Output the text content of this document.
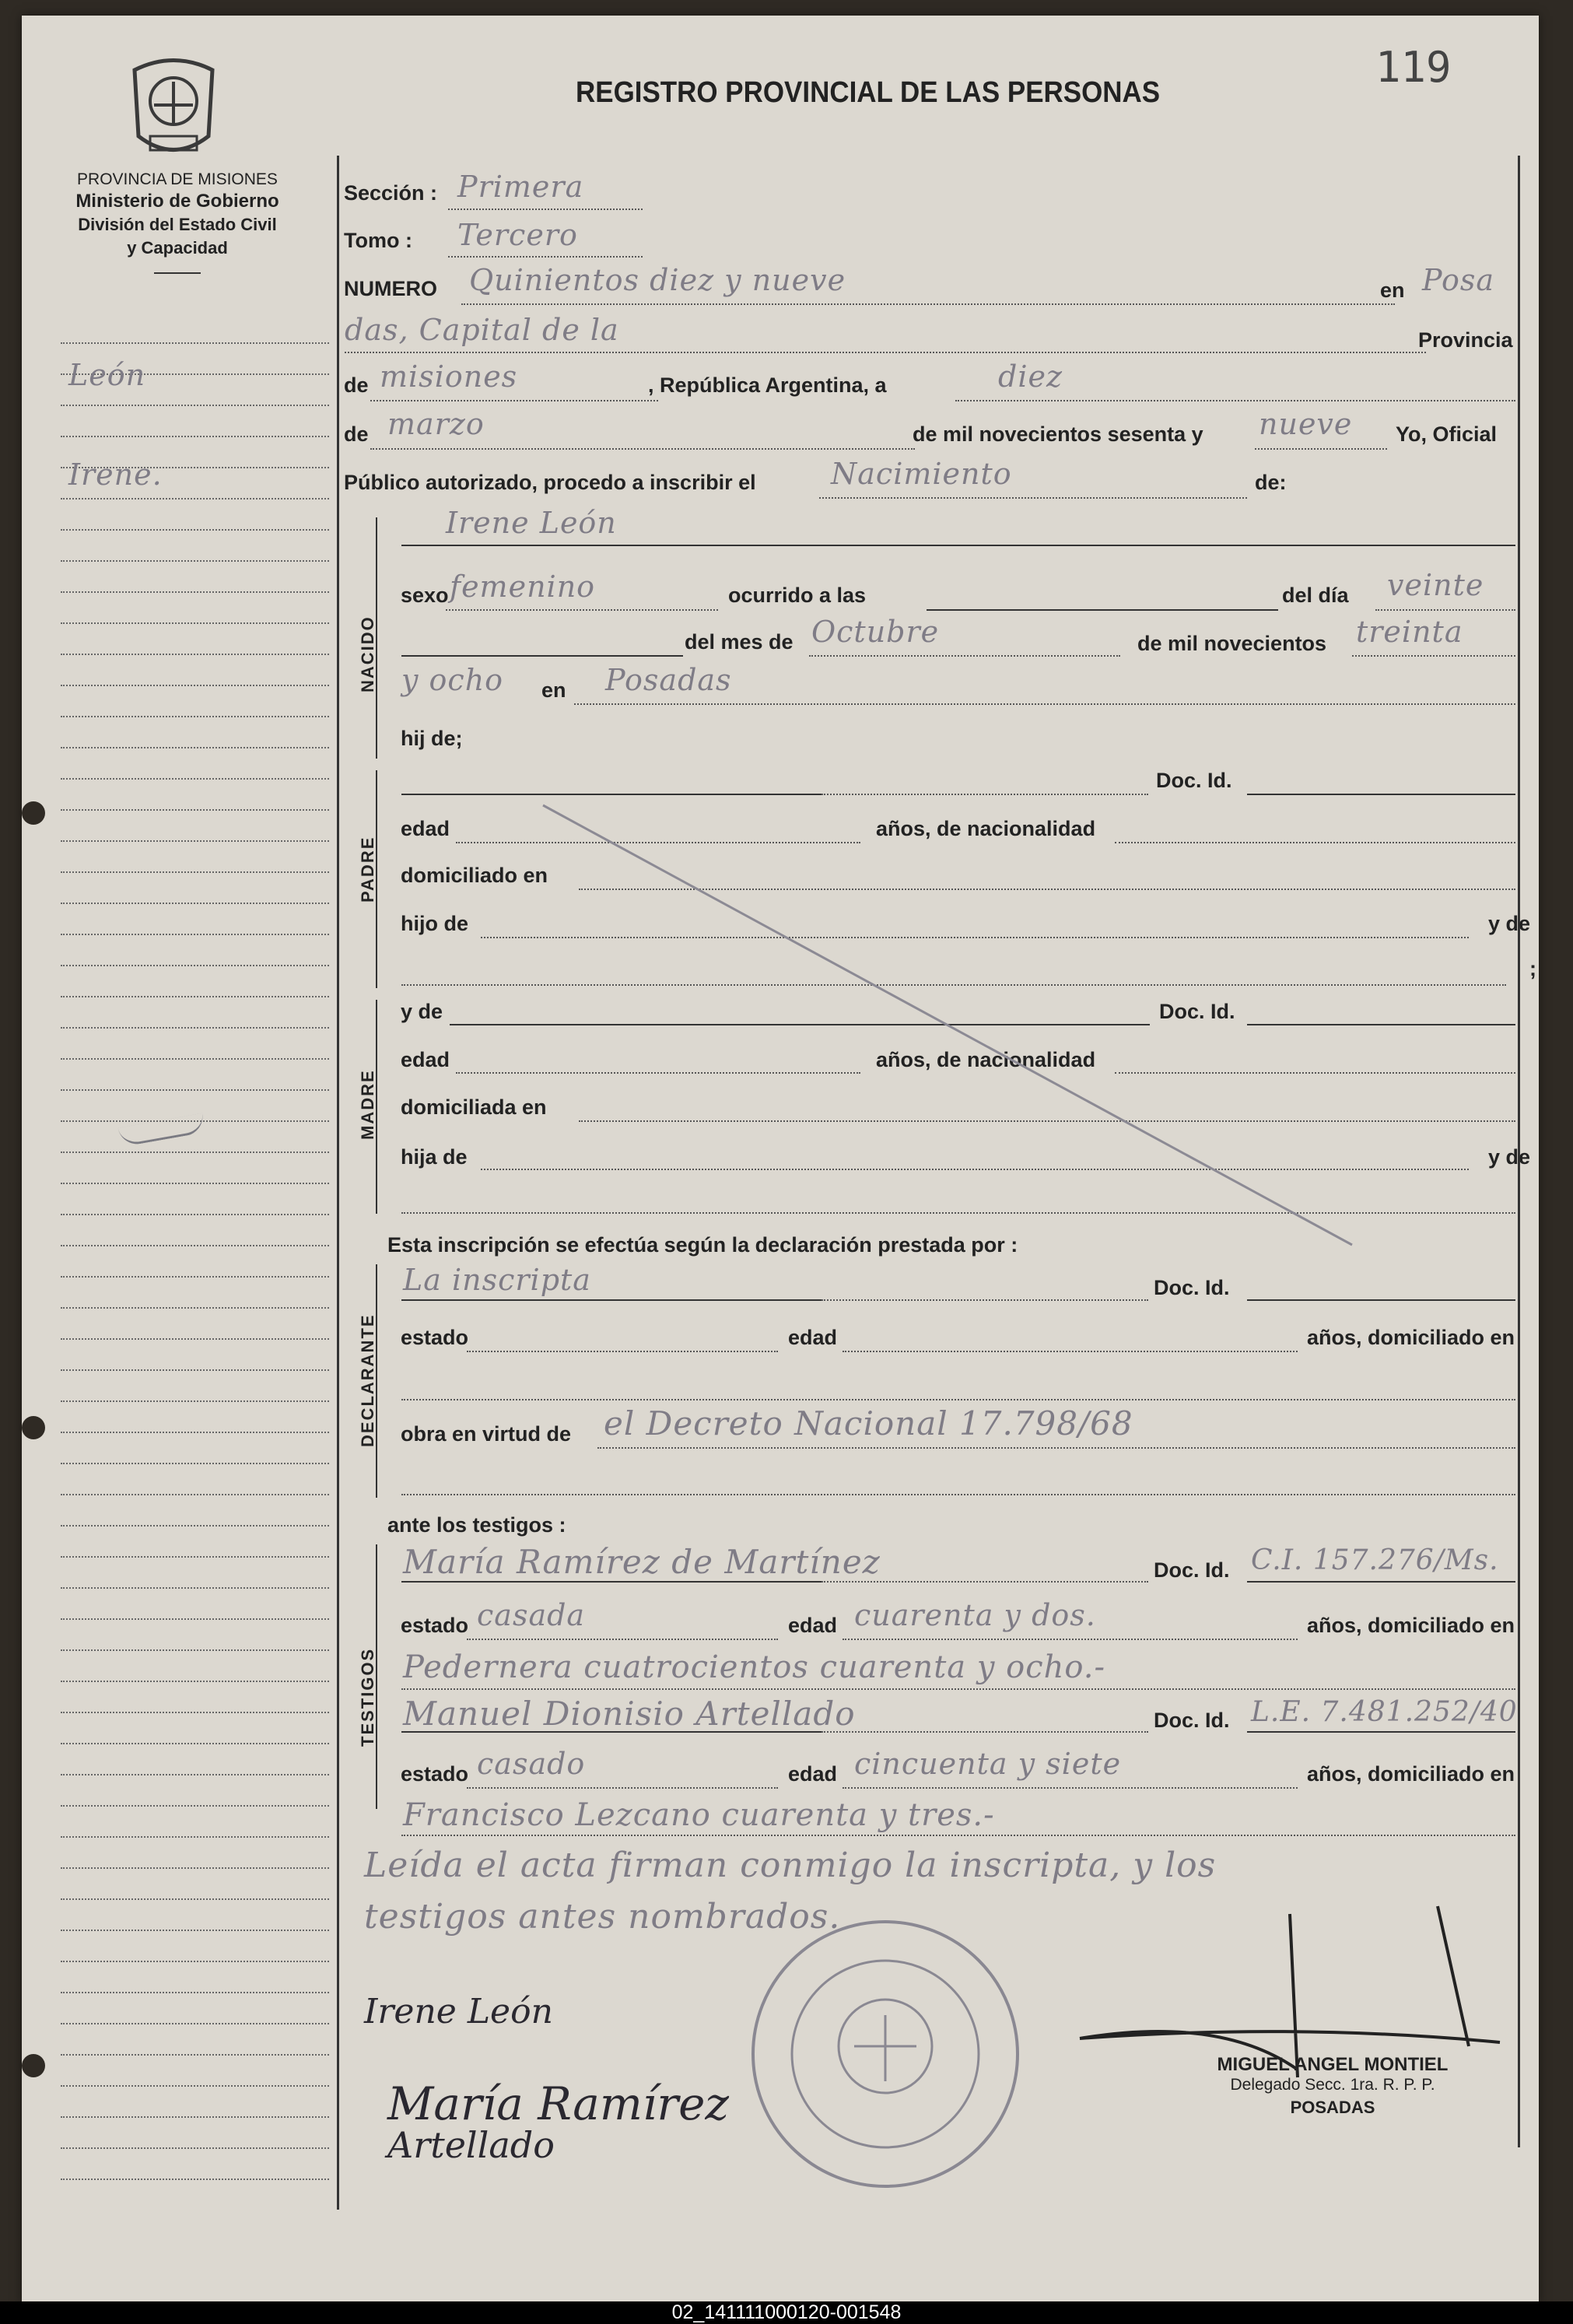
PROVINCIA DE MISIONES
Ministerio de Gobierno
División del Estado Civil
y Capacidad
REGISTRO PROVINCIAL DE LAS PERSONAS
119
León
Irene.
Sección : Primera
Tomo : Tercero
NUMERO Quinientos diez y nueve	en Posa
das, Capital de la	Provincia
de misiones	, República Argentina, a	diez
de marzo	de mil novecientos sesenta y nueve Yo, Oficial
Público autorizado, procedo a inscribir el	Nacimiento	de:
NACIDO
Irene León
sexo femenino	ocurrido a las	del día veinte
del mes de Octubre	de mil novecientos treinta
y ocho en Posadas
hij de;
PADRE
Doc. Id.
edad	años, de nacionalidad
domiciliado en
hijo de	y de
;
MADRE
y de	Doc. Id.
edad	años, de nacionalidad
domiciliada en
hija de	y de
Esta inscripción se efectúa según la declaración prestada por :
DECLARANTE
La inscripta	Doc. Id.
estado	edad	años, domiciliado en
obra en virtud de el Decreto Nacional 17.798/68
ante los testigos :
TESTIGOS
María Ramírez de Martínez	Doc. Id. C.I. 157.276/Ms.
estado casada	edad cuarenta y dos.	años, domiciliado en
Pedernera cuatrocientos cuarenta y ocho.-
Manuel Dionisio Artellado	Doc. Id. L.E. 7.481.252/40
estado casado	edad cincuenta y siete	años, domiciliado en
Francisco Lezcano cuarenta y tres.-
Leída el acta firman conmigo la inscripta, y los
testigos antes nombrados.
Irene León
María Ramírez
Artellado
MIGUEL ANGEL MONTIEL
Delegado Secc. 1ra. R. P. P.
POSADAS
02_141111000120-001548
